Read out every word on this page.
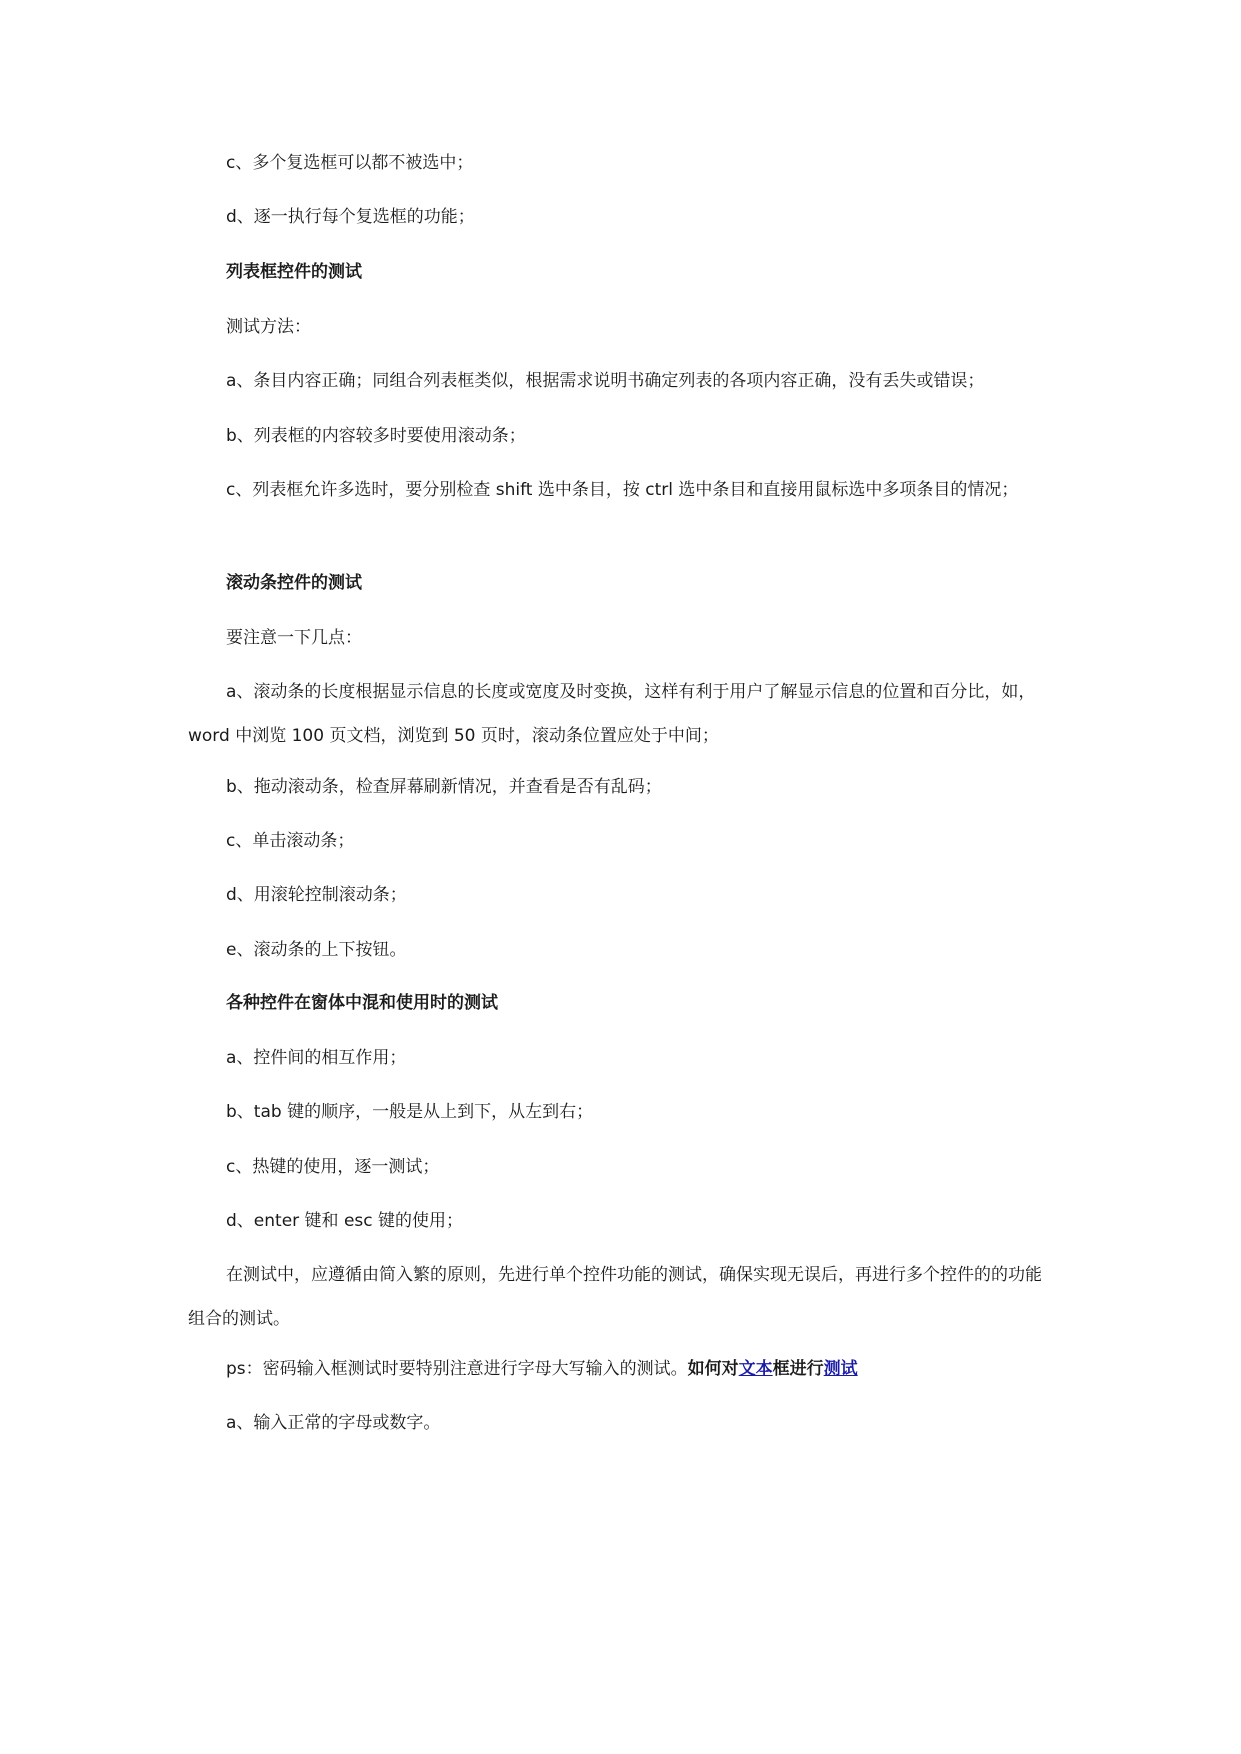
c、多个复选框可以都不被选中；

d、逐一执行每个复选框的功能；

列表框控件的测试

测试方法：

a、条目内容正确；同组合列表框类似，根据需求说明书确定列表的各项内容正确，没有丢失或错误；

b、列表框的内容较多时要使用滚动条；

c、列表框允许多选时，要分别检查 shift 选中条目，按 ctrl 选中条目和直接用鼠标选中多项条目的情况；

滚动条控件的测试

要注意一下几点：

a、滚动条的长度根据显示信息的长度或宽度及时变换，这样有利于用户了解显示信息的位置和百分比，如，word 中浏览 100 页文档，浏览到 50 页时，滚动条位置应处于中间；

b、拖动滚动条，检查屏幕刷新情况，并查看是否有乱码；

c、单击滚动条；

d、用滚轮控制滚动条；

e、滚动条的上下按钮。

各种控件在窗体中混和使用时的测试

a、控件间的相互作用；

b、tab 键的顺序，一般是从上到下，从左到右；

c、热键的使用，逐一测试；

d、enter 键和 esc 键的使用；

在测试中，应遵循由简入繁的原则，先进行单个控件功能的测试，确保实现无误后，再进行多个控件的的功能组合的测试。

ps：密码输入框测试时要特别注意进行字母大写输入的测试。如何对文本框进行测试

a、输入正常的字母或数字。
